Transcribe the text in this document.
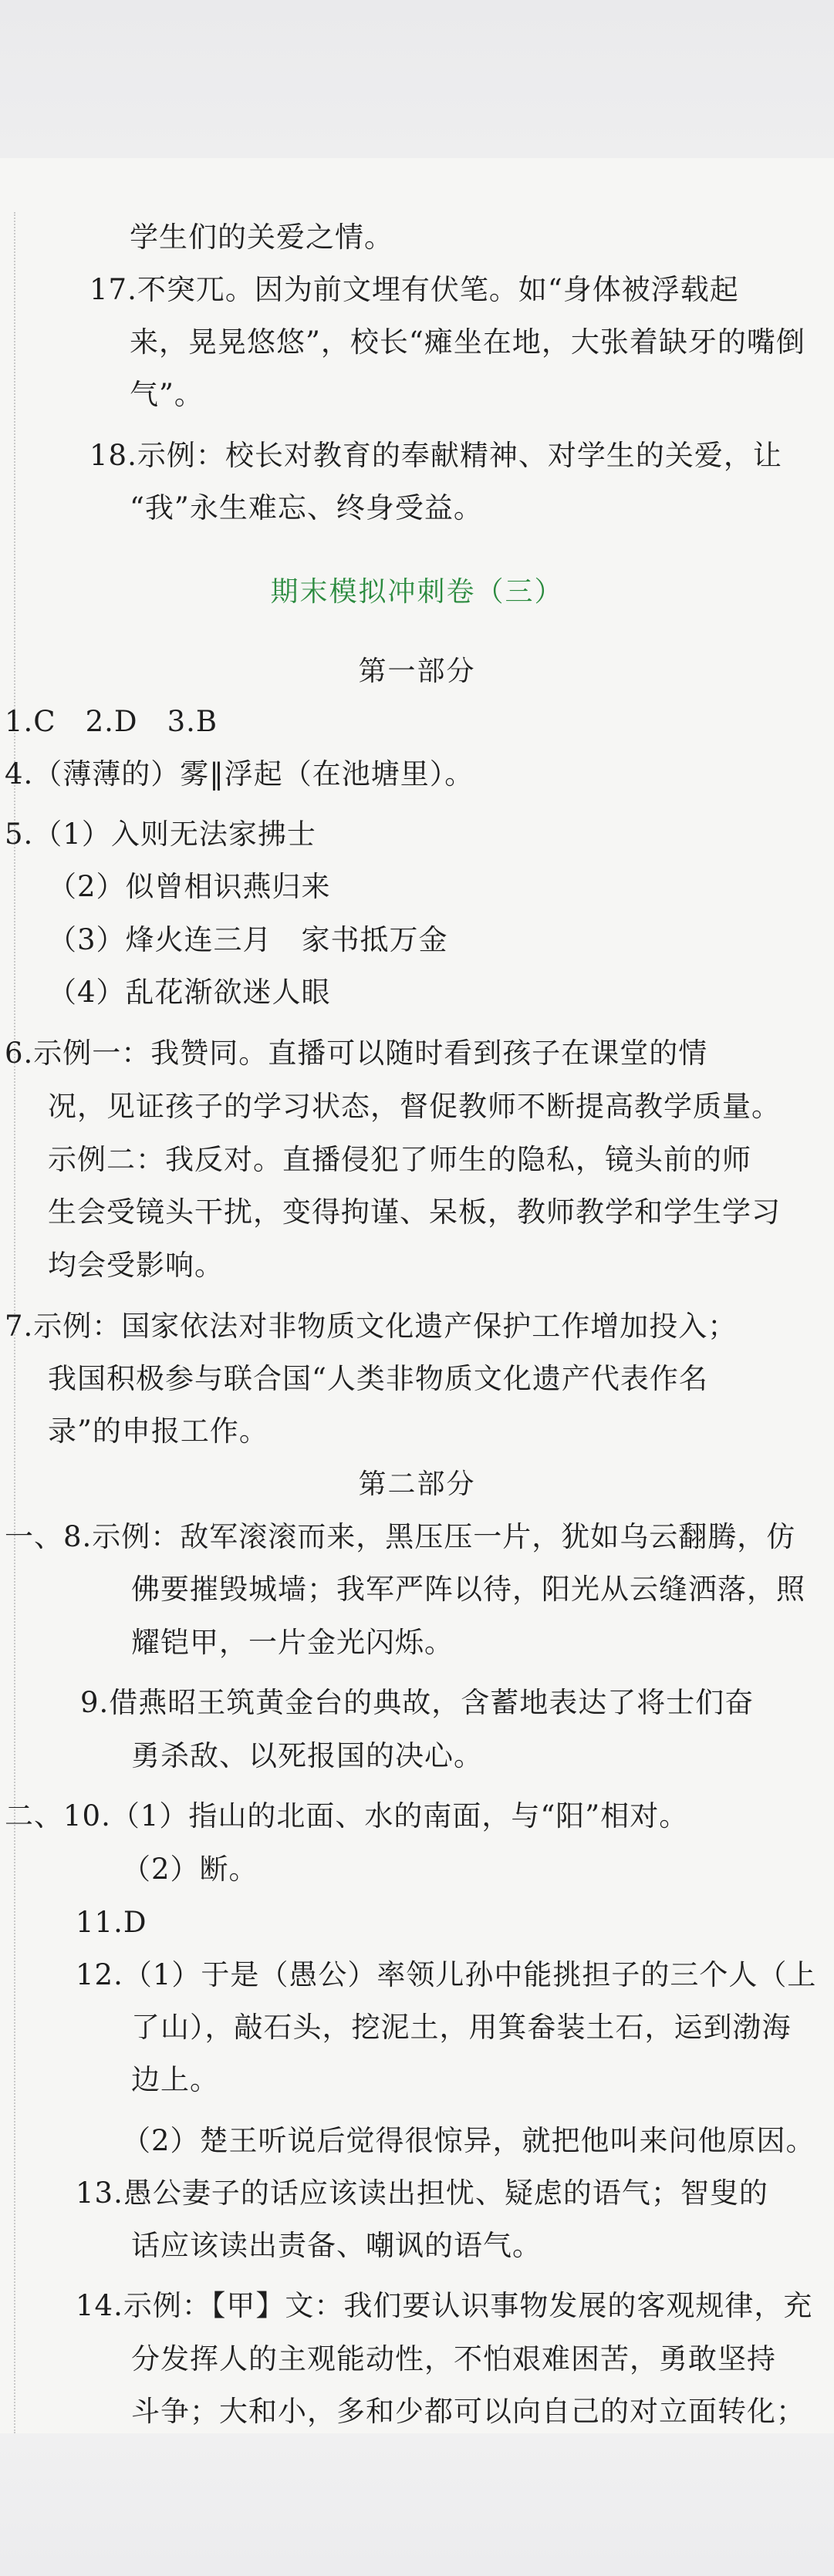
学生们的关爱之情。
17.不突兀。因为前文埋有伏笔。如“身体被浮载起
来，晃晃悠悠”，校长“瘫坐在地，大张着缺牙的嘴倒
气”。
18.示例：校长对教育的奉献精神、对学生的关爱，让
“我”永生难忘、终身受益。
期末模拟冲刺卷（三）
第一部分
1.C　2.D　3.B
4.（薄薄的）雾‖浮起（在池塘里）。
5.（1）入则无法家拂士
（2）似曾相识燕归来
（3）烽火连三月　家书抵万金
（4）乱花渐欲迷人眼
6.示例一：我赞同。直播可以随时看到孩子在课堂的情
况，见证孩子的学习状态，督促教师不断提高教学质量。
示例二：我反对。直播侵犯了师生的隐私，镜头前的师
生会受镜头干扰，变得拘谨、呆板，教师教学和学生学习
均会受影响。
7.示例：国家依法对非物质文化遗产保护工作增加投入；
我国积极参与联合国“人类非物质文化遗产代表作名
录”的申报工作。
第二部分
一、8.示例：敌军滚滚而来，黑压压一片，犹如乌云翻腾，仿
佛要摧毁城墙；我军严阵以待，阳光从云缝洒落，照
耀铠甲，一片金光闪烁。
9.借燕昭王筑黄金台的典故，含蓄地表达了将士们奋
勇杀敌、以死报国的决心。
二、10.（1）指山的北面、水的南面，与“阳”相对。
（2）断。
11.D
12.（1）于是（愚公）率领儿孙中能挑担子的三个人（上
了山），敲石头，挖泥土，用箕畚装土石，运到渤海
边上。
（2）楚王听说后觉得很惊异，就把他叫来问他原因。
13.愚公妻子的话应该读出担忧、疑虑的语气；智叟的
话应该读出责备、嘲讽的语气。
14.示例：【甲】文：我们要认识事物发展的客观规律，充
分发挥人的主观能动性，不怕艰难困苦，勇敢坚持
斗争；大和小，多和少都可以向自己的对立面转化；
